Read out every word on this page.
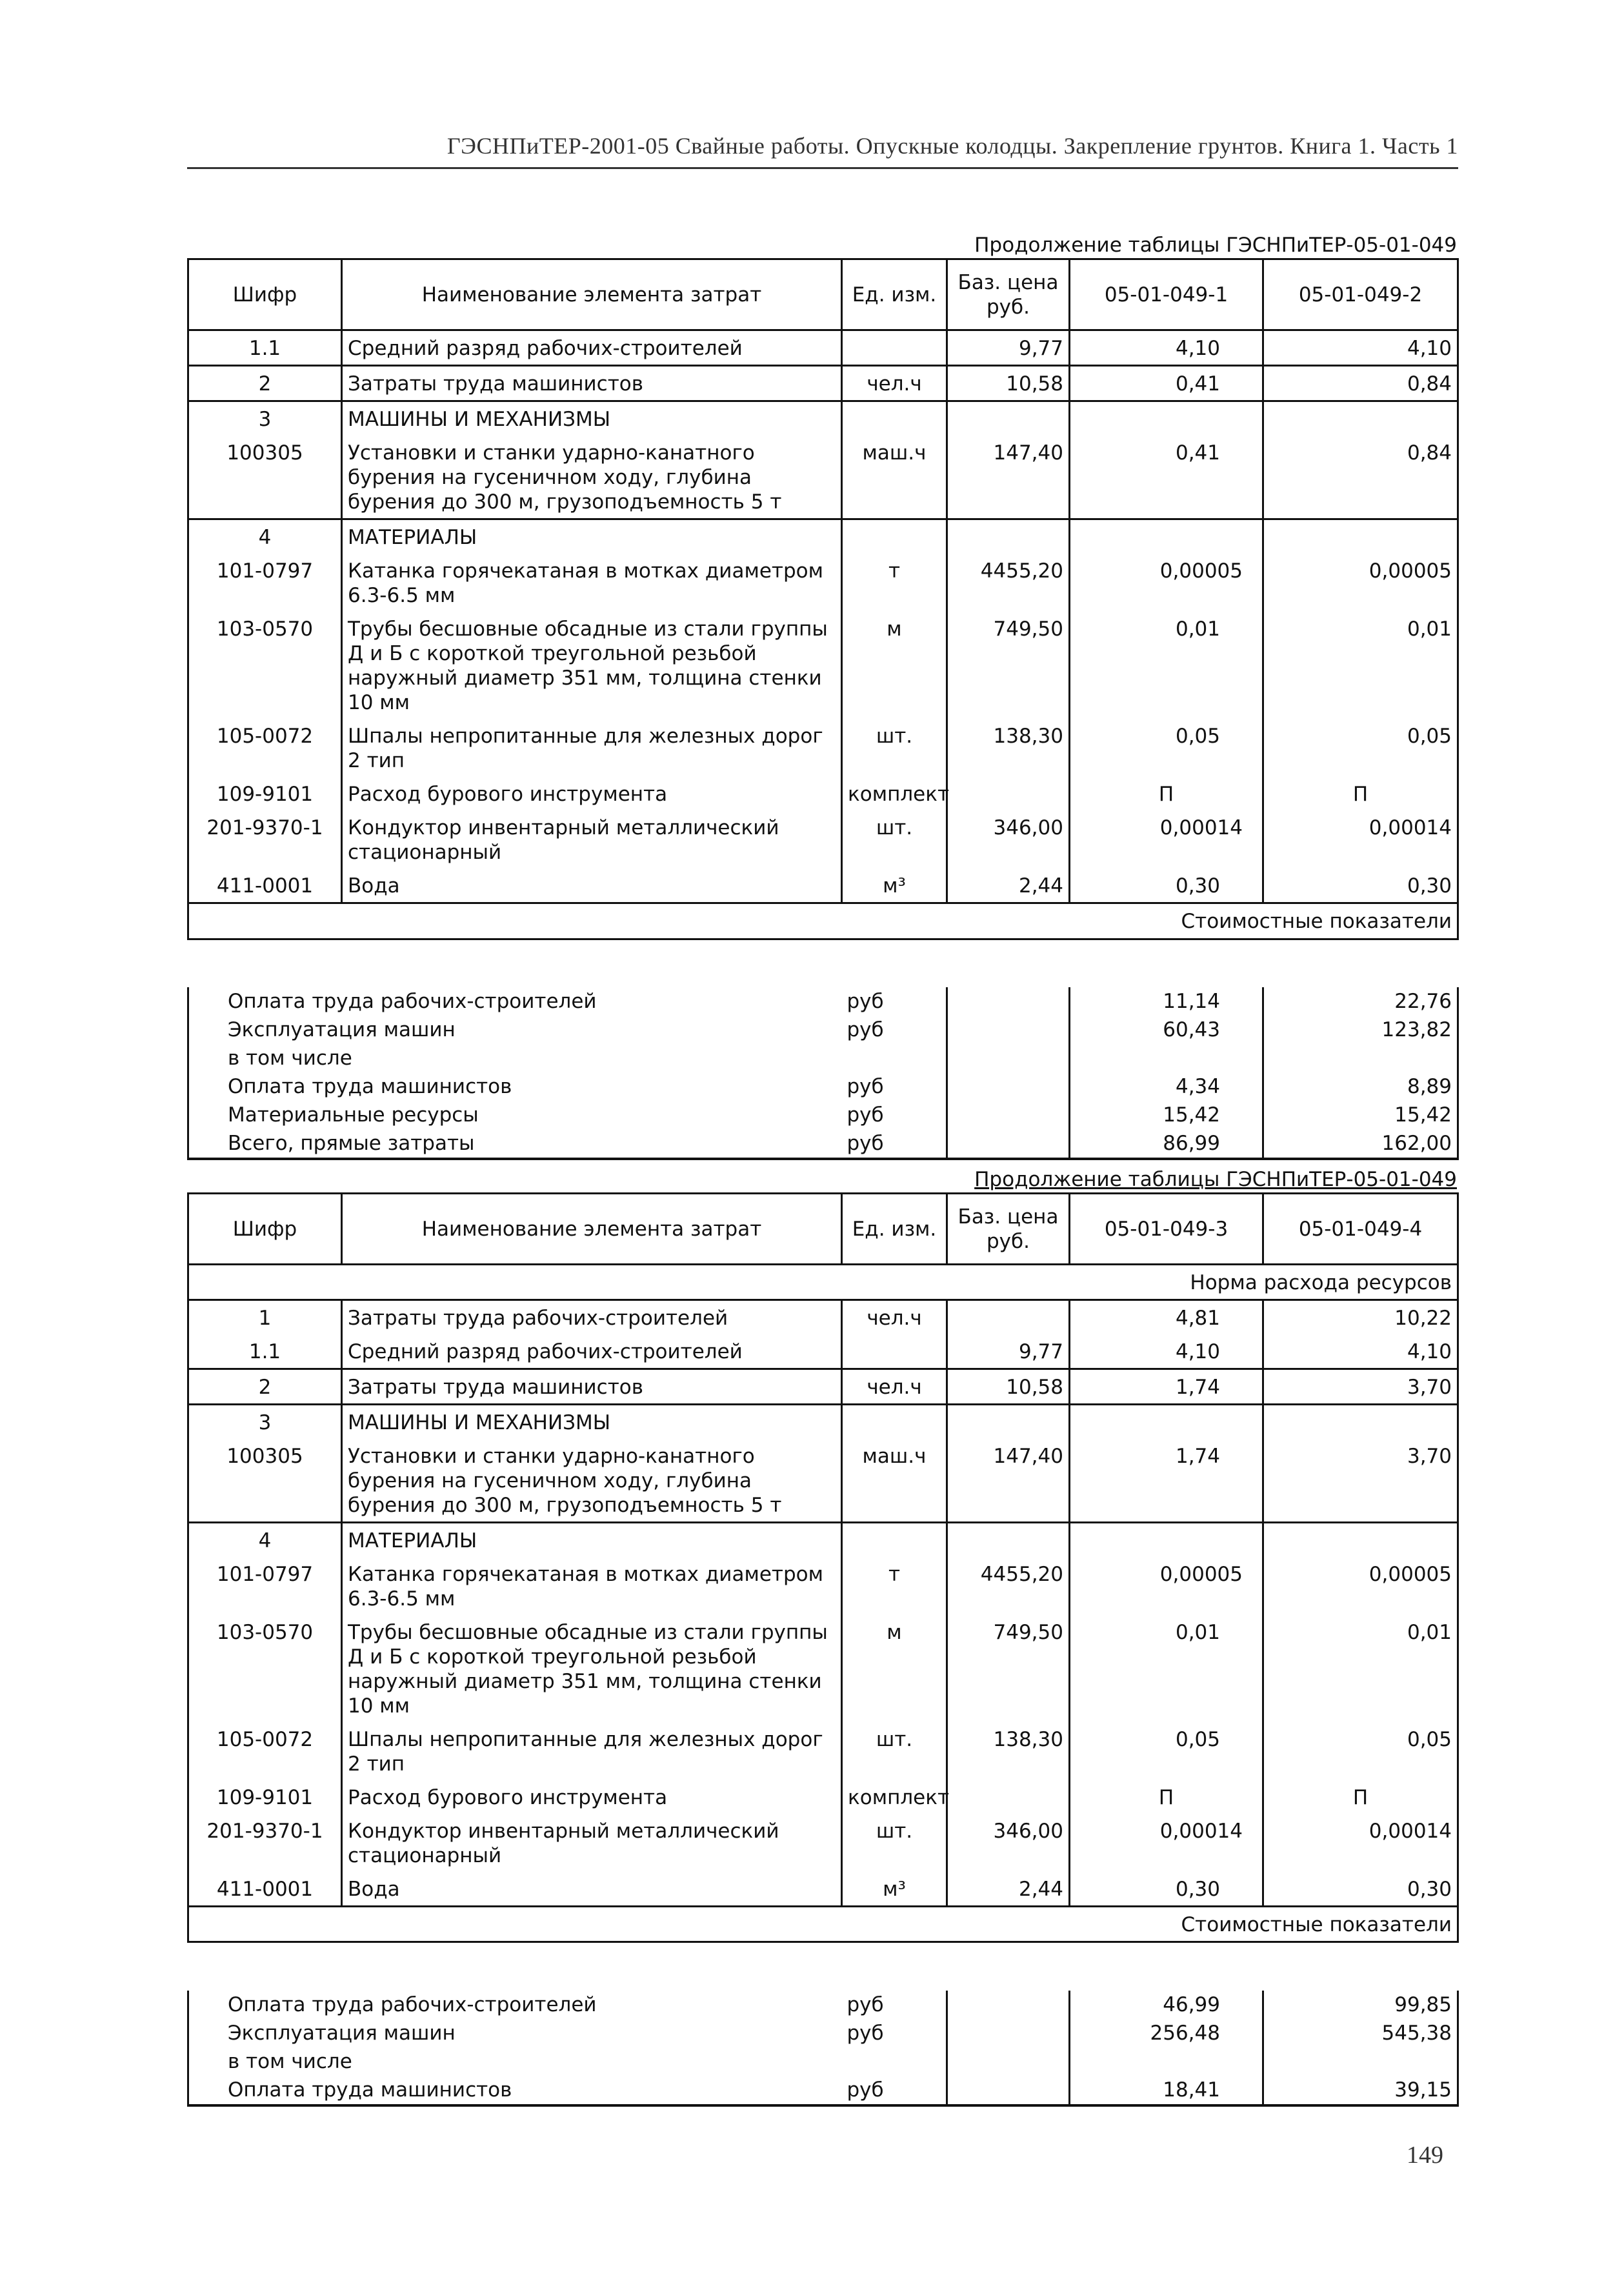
ГЭСНПиТЕР-2001-05 Свайные работы. Опускные колодцы. Закрепление грунтов. Книга 1. Часть 1
Продолжение таблицы ГЭСНПиТЕР-05-01-049
Шифр	Наименование элемента затрат	Ед. изм.	Баз. цена руб.	05-01-049-1	05-01-049-2
1.1	Средний разряд рабочих-строителей		9,77	4,10	4,10
2	Затраты труда машинистов	чел.ч	10,58	0,41	0,84
3	МАШИНЫ И МЕХАНИЗМЫ				
100305	Установки и станки ударно-канатного бурения на гусеничном ходу, глубина бурения до 300 м, грузоподъемность 5 т	маш.ч	147,40	0,41	0,84
4	МАТЕРИАЛЫ				
101-0797	Катанка горячекатаная в мотках диаметром 6.3-6.5 мм	т	4455,20	0,00005	0,00005
103-0570	Трубы бесшовные обсадные из стали группы Д и Б с короткой треугольной резьбой наружный диаметр 351 мм, толщина стенки 10 мм	м	749,50	0,01	0,01
105-0072	Шпалы непропитанные для железных дорог 2 тип	шт.	138,30	0,05	0,05
109-9101	Расход бурового инструмента	комплект		П	П
201-9370-1	Кондуктор инвентарный металлический стационарный	шт.	346,00	0,00014	0,00014
411-0001	Вода	м³	2,44	0,30	0,30
Стоимостные показатели					
Оплата труда рабочих-строителей	руб		11,14	22,76
Эксплуатация машин	руб		60,43	123,82
в том числе				
Оплата труда машинистов	руб		4,34	8,89
Материальные ресурсы	руб		15,42	15,42
Всего, прямые затраты	руб		86,99	162,00
Продолжение таблицы ГЭСНПиТЕР-05-01-049
Шифр	Наименование элемента затрат	Ед. изм.	Баз. цена руб.	05-01-049-3	05-01-049-4
Норма расхода ресурсов					
1	Затраты труда рабочих-строителей	чел.ч		4,81	10,22
1.1	Средний разряд рабочих-строителей		9,77	4,10	4,10
2	Затраты труда машинистов	чел.ч	10,58	1,74	3,70
3	МАШИНЫ И МЕХАНИЗМЫ				
100305	Установки и станки ударно-канатного бурения на гусеничном ходу, глубина бурения до 300 м, грузоподъемность 5 т	маш.ч	147,40	1,74	3,70
4	МАТЕРИАЛЫ				
101-0797	Катанка горячекатаная в мотках диаметром 6.3-6.5 мм	т	4455,20	0,00005	0,00005
103-0570	Трубы бесшовные обсадные из стали группы Д и Б с короткой треугольной резьбой наружный диаметр 351 мм, толщина стенки 10 мм	м	749,50	0,01	0,01
105-0072	Шпалы непропитанные для железных дорог 2 тип	шт.	138,30	0,05	0,05
109-9101	Расход бурового инструмента	комплект		П	П
201-9370-1	Кондуктор инвентарный металлический стационарный	шт.	346,00	0,00014	0,00014
411-0001	Вода	м³	2,44	0,30	0,30
Стоимостные показатели					
Оплата труда рабочих-строителей	руб		46,99	99,85
Эксплуатация машин	руб		256,48	545,38
в том числе				
Оплата труда машинистов	руб		18,41	39,15
149
